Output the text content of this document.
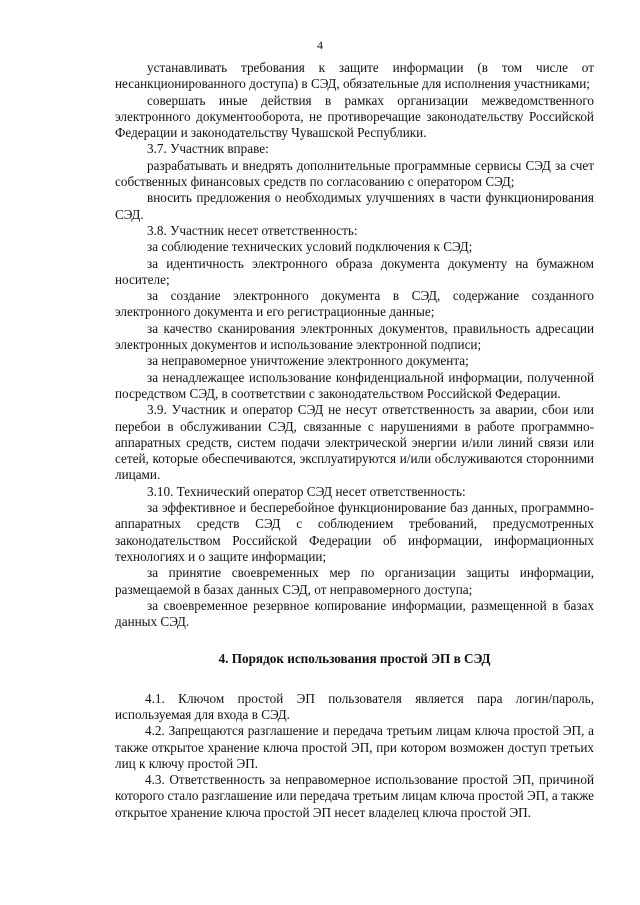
4

устанавливать требования к защите информации (в том числе от несанкционированного доступа) в СЭД, обязательные для исполнения участниками;

совершать иные действия в рамках организации межведомственного электронного документооборота, не противоречащие законодательству Российской Федерации и законодательству Чувашской Республики.

3.7. Участник вправе:

разрабатывать и внедрять дополнительные программные сервисы СЭД за счет собственных финансовых средств по согласованию с оператором СЭД;

вносить предложения о необходимых улучшениях в части функционирования СЭД.

3.8. Участник несет ответственность:

за соблюдение технических условий подключения к СЭД;

за идентичность электронного образа документа документу на бумажном носителе;

за создание электронного документа в СЭД, содержание созданного электронного документа и его регистрационные данные;

за качество сканирования электронных документов, правильность адресации электронных документов и использование электронной подписи;

за неправомерное уничтожение электронного документа;

за ненадлежащее использование конфиденциальной информации, полученной посредством СЭД, в соответствии с законодательством Российской Федерации.

3.9. Участник и оператор СЭД не несут ответственность за аварии, сбои или перебои в обслуживании СЭД, связанные с нарушениями в работе программно-аппаратных средств, систем подачи электрической энергии и/или линий связи или сетей, которые обеспечиваются, эксплуатируются и/или обслуживаются сторонними лицами.

3.10. Технический оператор СЭД несет ответственность:

за эффективное и бесперебойное функционирование баз данных, программно-аппаратных средств СЭД с соблюдением требований, предусмотренных законодательством Российской Федерации об информации, информационных технологиях и о защите информации;

за принятие своевременных мер по организации защиты информации, размещаемой в базах данных СЭД, от неправомерного доступа;

за своевременное резервное копирование информации, размещенной в базах данных СЭД.

4. Порядок использования простой ЭП в СЭД

4.1. Ключом простой ЭП пользователя является пара логин/пароль, используемая для входа в СЭД.

4.2. Запрещаются разглашение и передача третьим лицам ключа простой ЭП, а также открытое хранение ключа простой ЭП, при котором возможен доступ третьих лиц к ключу простой ЭП.

4.3. Ответственность за неправомерное использование простой ЭП, причиной которого стало разглашение или передача третьим лицам ключа простой ЭП, а также открытое хранение ключа простой ЭП несет владелец ключа простой ЭП.
